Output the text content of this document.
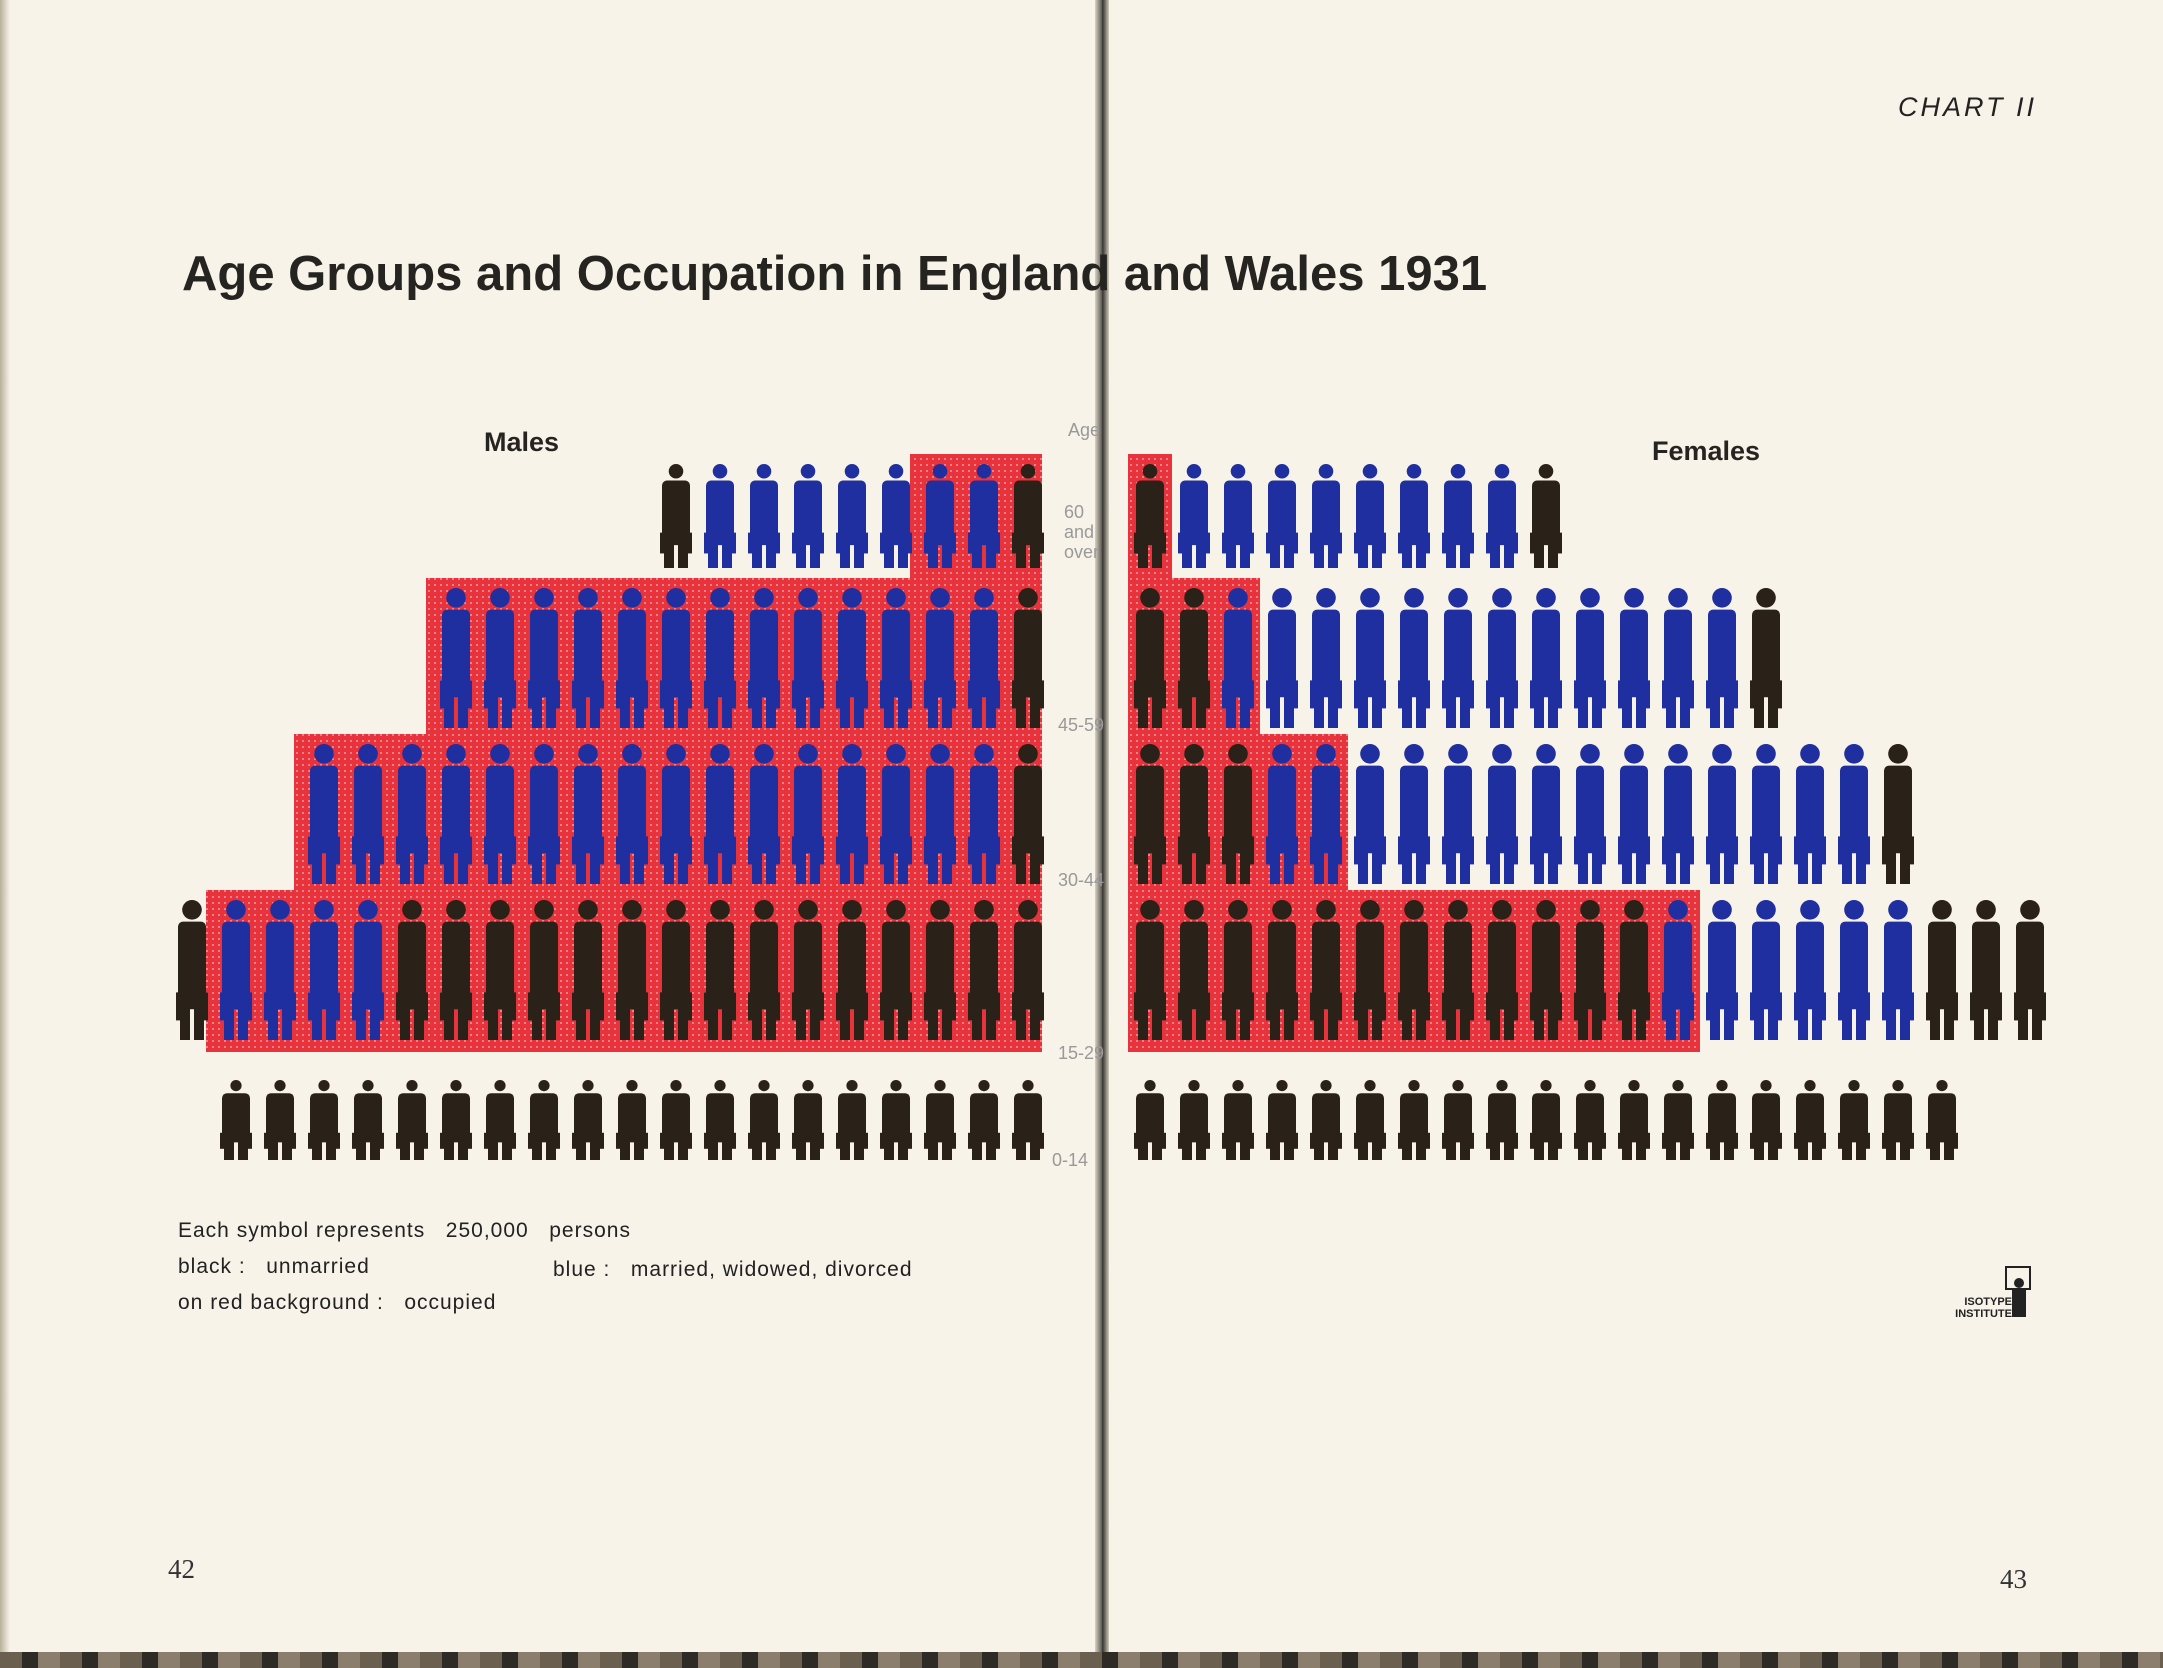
CHART II
Age Groups and Occupation in England and Wales 1931
Males	Females
Age
60 and over
45-59
30-44
15-29
0-14
Each symbol represents 250,000 persons
black : unmarried	blue : married, widowed, divorced
on red background : occupied	ISOTYPE
INSTITUTE
42	43
